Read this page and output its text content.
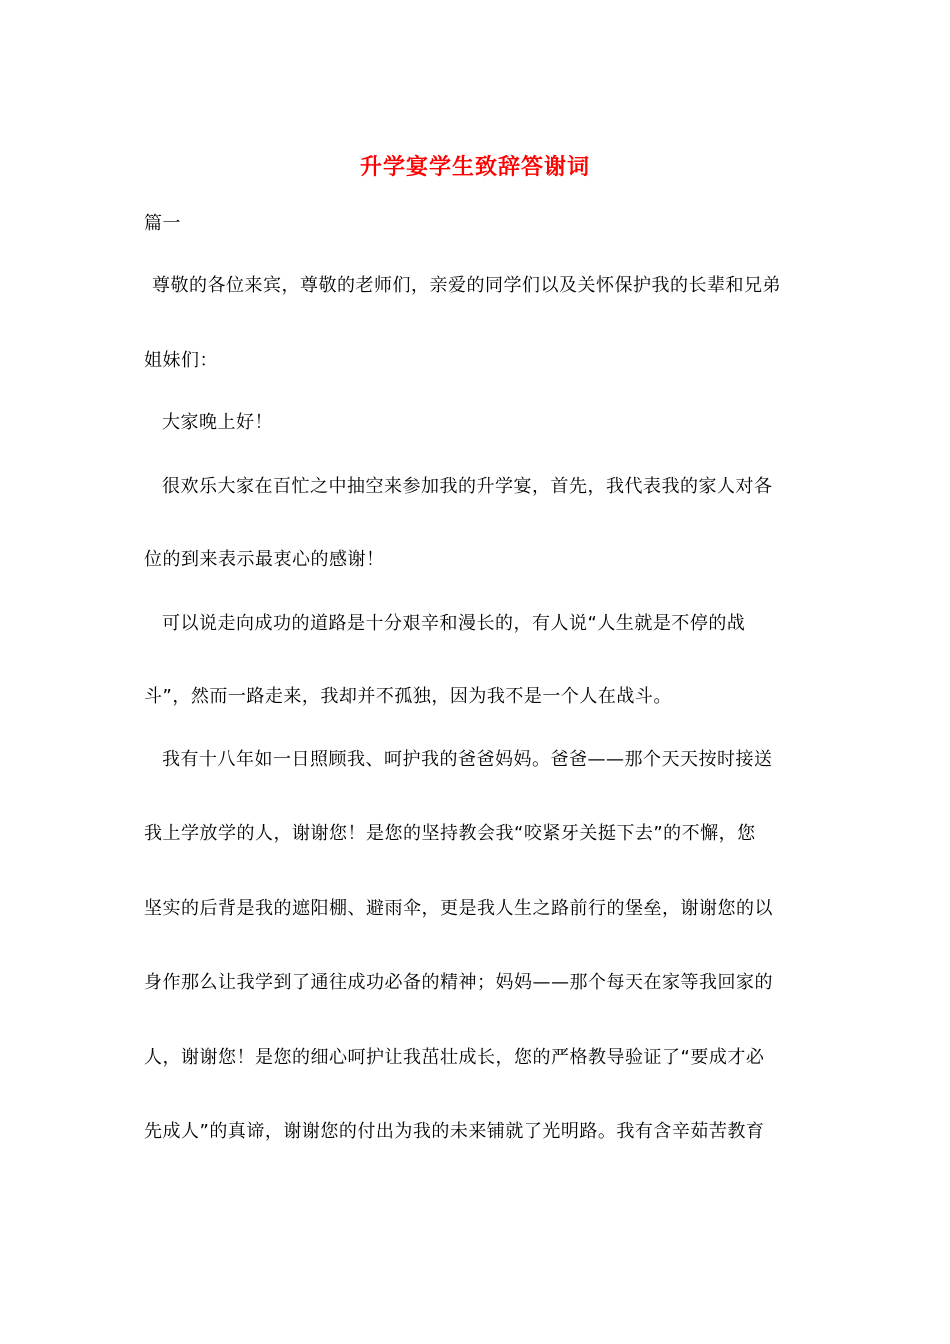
升学宴学生致辞答谢词
篇一
尊敬的各位来宾，尊敬的老师们，亲爱的同学们以及关怀保护我的长辈和兄弟
姐妹们：
大家晚上好！
很欢乐大家在百忙之中抽空来参加我的升学宴，首先，我代表我的家人对各
位的到来表示最衷心的感谢！
可以说走向成功的道路是十分艰辛和漫长的，有人说“人生就是不停的战
斗”，然而一路走来，我却并不孤独，因为我不是一个人在战斗。
我有十八年如一日照顾我、呵护我的爸爸妈妈。爸爸——那个天天按时接送
我上学放学的人，谢谢您！是您的坚持教会我“咬紧牙关挺下去”的不懈，您
坚实的后背是我的遮阳棚、避雨伞，更是我人生之路前行的堡垒，谢谢您的以
身作那么让我学到了通往成功必备的精神；妈妈——那个每天在家等我回家的
人，谢谢您！是您的细心呵护让我茁壮成长，您的严格教导验证了“要成才必
先成人”的真谛，谢谢您的付出为我的未来铺就了光明路。我有含辛茹苦教育
